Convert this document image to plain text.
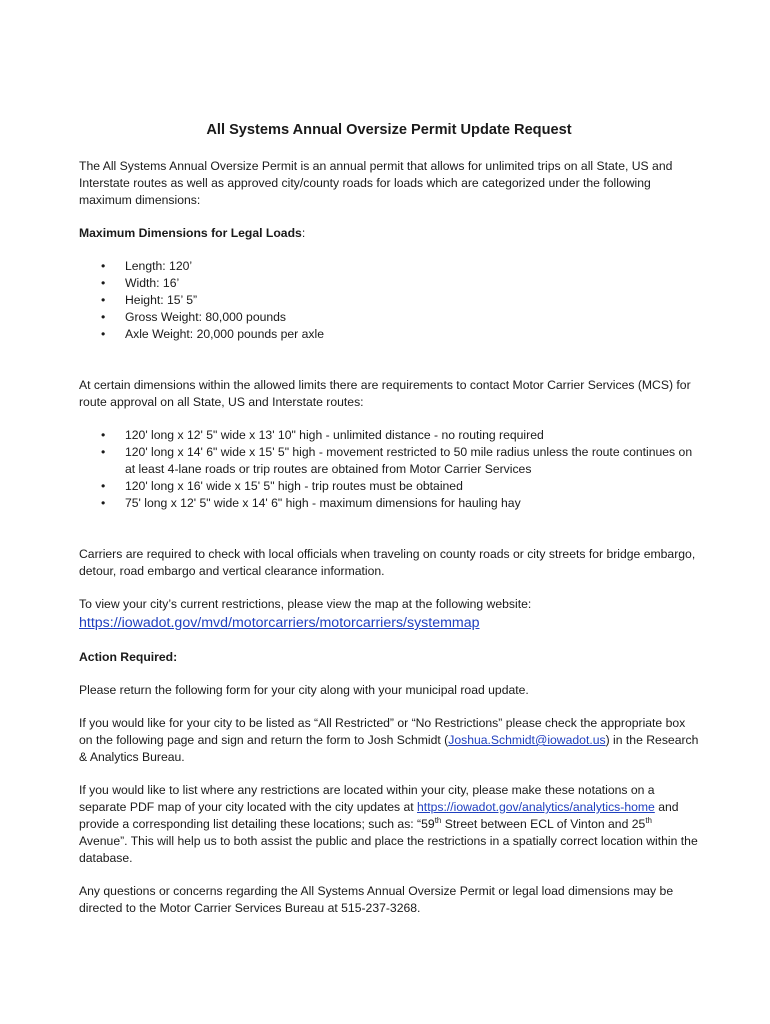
All Systems Annual Oversize Permit Update Request

The All Systems Annual Oversize Permit is an annual permit that allows for unlimited trips on all State, US and Interstate routes as well as approved city/county roads for loads which are categorized under the following maximum dimensions:

Maximum Dimensions for Legal Loads:

• Length: 120’
• Width: 16’
• Height: 15’ 5”
• Gross Weight: 80,000 pounds
• Axle Weight: 20,000 pounds per axle

At certain dimensions within the allowed limits there are requirements to contact Motor Carrier Services (MCS) for route approval on all State, US and Interstate routes:

• 120' long x 12' 5" wide x 13' 10" high - unlimited distance - no routing required
• 120' long x 14' 6" wide x 15' 5" high - movement restricted to 50 mile radius unless the route continues on at least 4-lane roads or trip routes are obtained from Motor Carrier Services
• 120' long x 16' wide x 15' 5" high - trip routes must be obtained
• 75' long x 12' 5" wide x 14' 6" high - maximum dimensions for hauling hay

Carriers are required to check with local officials when traveling on county roads or city streets for bridge embargo, detour, road embargo and vertical clearance information.

To view your city’s current restrictions, please view the map at the following website:

https://iowadot.gov/mvd/motorcarriers/motorcarriers/systemmap

Action Required:

Please return the following form for your city along with your municipal road update.

If you would like for your city to be listed as “All Restricted” or “No Restrictions” please check the appropriate box on the following page and sign and return the form to Josh Schmidt (Joshua.Schmidt@iowadot.us) in the Research & Analytics Bureau.

If you would like to list where any restrictions are located within your city, please make these notations on a separate PDF map of your city located with the city updates at https://iowadot.gov/analytics/analytics-home and provide a corresponding list detailing these locations; such as: “59th Street between ECL of Vinton and 25th Avenue”. This will help us to both assist the public and place the restrictions in a spatially correct location within the database.

Any questions or concerns regarding the All Systems Annual Oversize Permit or legal load dimensions may be directed to the Motor Carrier Services Bureau at 515-237-3268.
